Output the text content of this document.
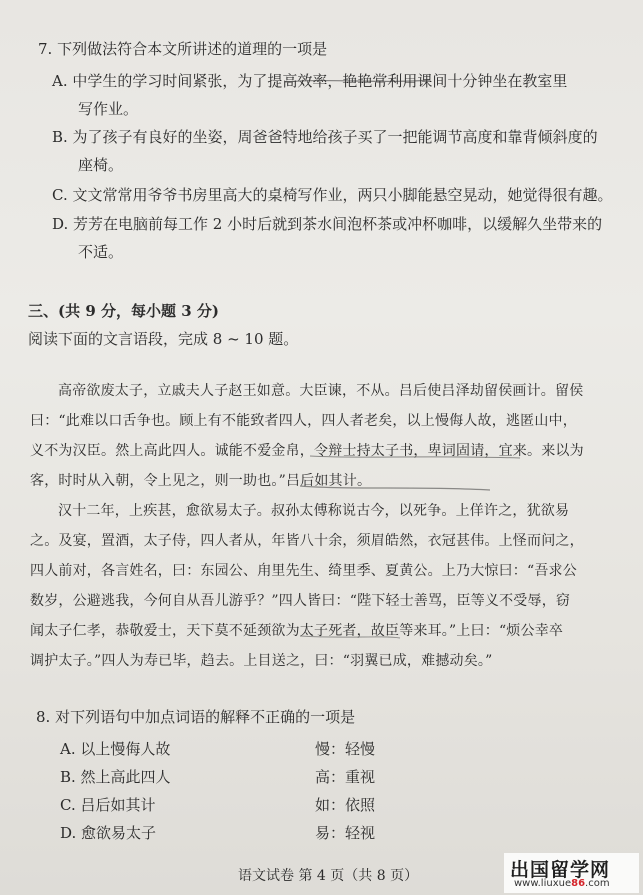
7. 下列做法符合本文所讲述的道理的一项是
A. 中学生的学习时间紧张，为了提高效率，艳艳常利用课间十分钟坐在教室里
写作业。
B. 为了孩子有良好的坐姿，周爸爸特地给孩子买了一把能调节高度和靠背倾斜度的
座椅。
C. 文文常常用爷爷书房里高大的桌椅写作业，两只小脚能悬空晃动，她觉得很有趣。
D. 芳芳在电脑前每工作 2 小时后就到茶水间泡杯茶或冲杯咖啡，以缓解久坐带来的
不适。
三、(共 9 分，每小题 3 分)
阅读下面的文言语段，完成 8 ~ 10 题。
高帝欲废太子，立戚夫人子赵王如意。大臣谏，不从。吕后使吕泽劫留侯画计。留侯
曰：“此难以口舌争也。顾上有不能致者四人，四人者老矣，以上慢侮人故，逃匿山中，
义不为汉臣。然上高此四人。诚能不爱金帛，令辩士持太子书，卑词固请，宜来。来以为
客，时时从入朝，令上见之，则一助也。”吕后如其计。
汉十二年，上疾甚，愈欲易太子。叔孙太傅称说古今，以死争。上佯许之，犹欲易
之。及宴，置酒，太子侍，四人者从，年皆八十余，须眉皓然，衣冠甚伟。上怪而问之，
四人前对，各言姓名，曰：东园公、甪里先生、绮里季、夏黄公。上乃大惊曰：“吾求公
数岁，公避逃我，今何自从吾儿游乎？”四人皆曰：“陛下轻士善骂，臣等义不受辱，窃
闻太子仁孝，恭敬爱士，天下莫不延颈欲为太子死者，故臣等来耳。”上曰：“烦公幸卒
调护太子。”四人为寿已毕，趋去。上目送之，曰：“羽翼已成，难撼动矣。”
8. 对下列语句中加点词语的解释不正确的一项是
A. 以上慢侮人故	慢：轻慢
B. 然上高此四人	高：重视
C. 吕后如其计	如：依照
D. 愈欲易太子	易：轻视
语文试卷 第 4 页（共 8 页）	出国留学网
www.liuxue86.com
